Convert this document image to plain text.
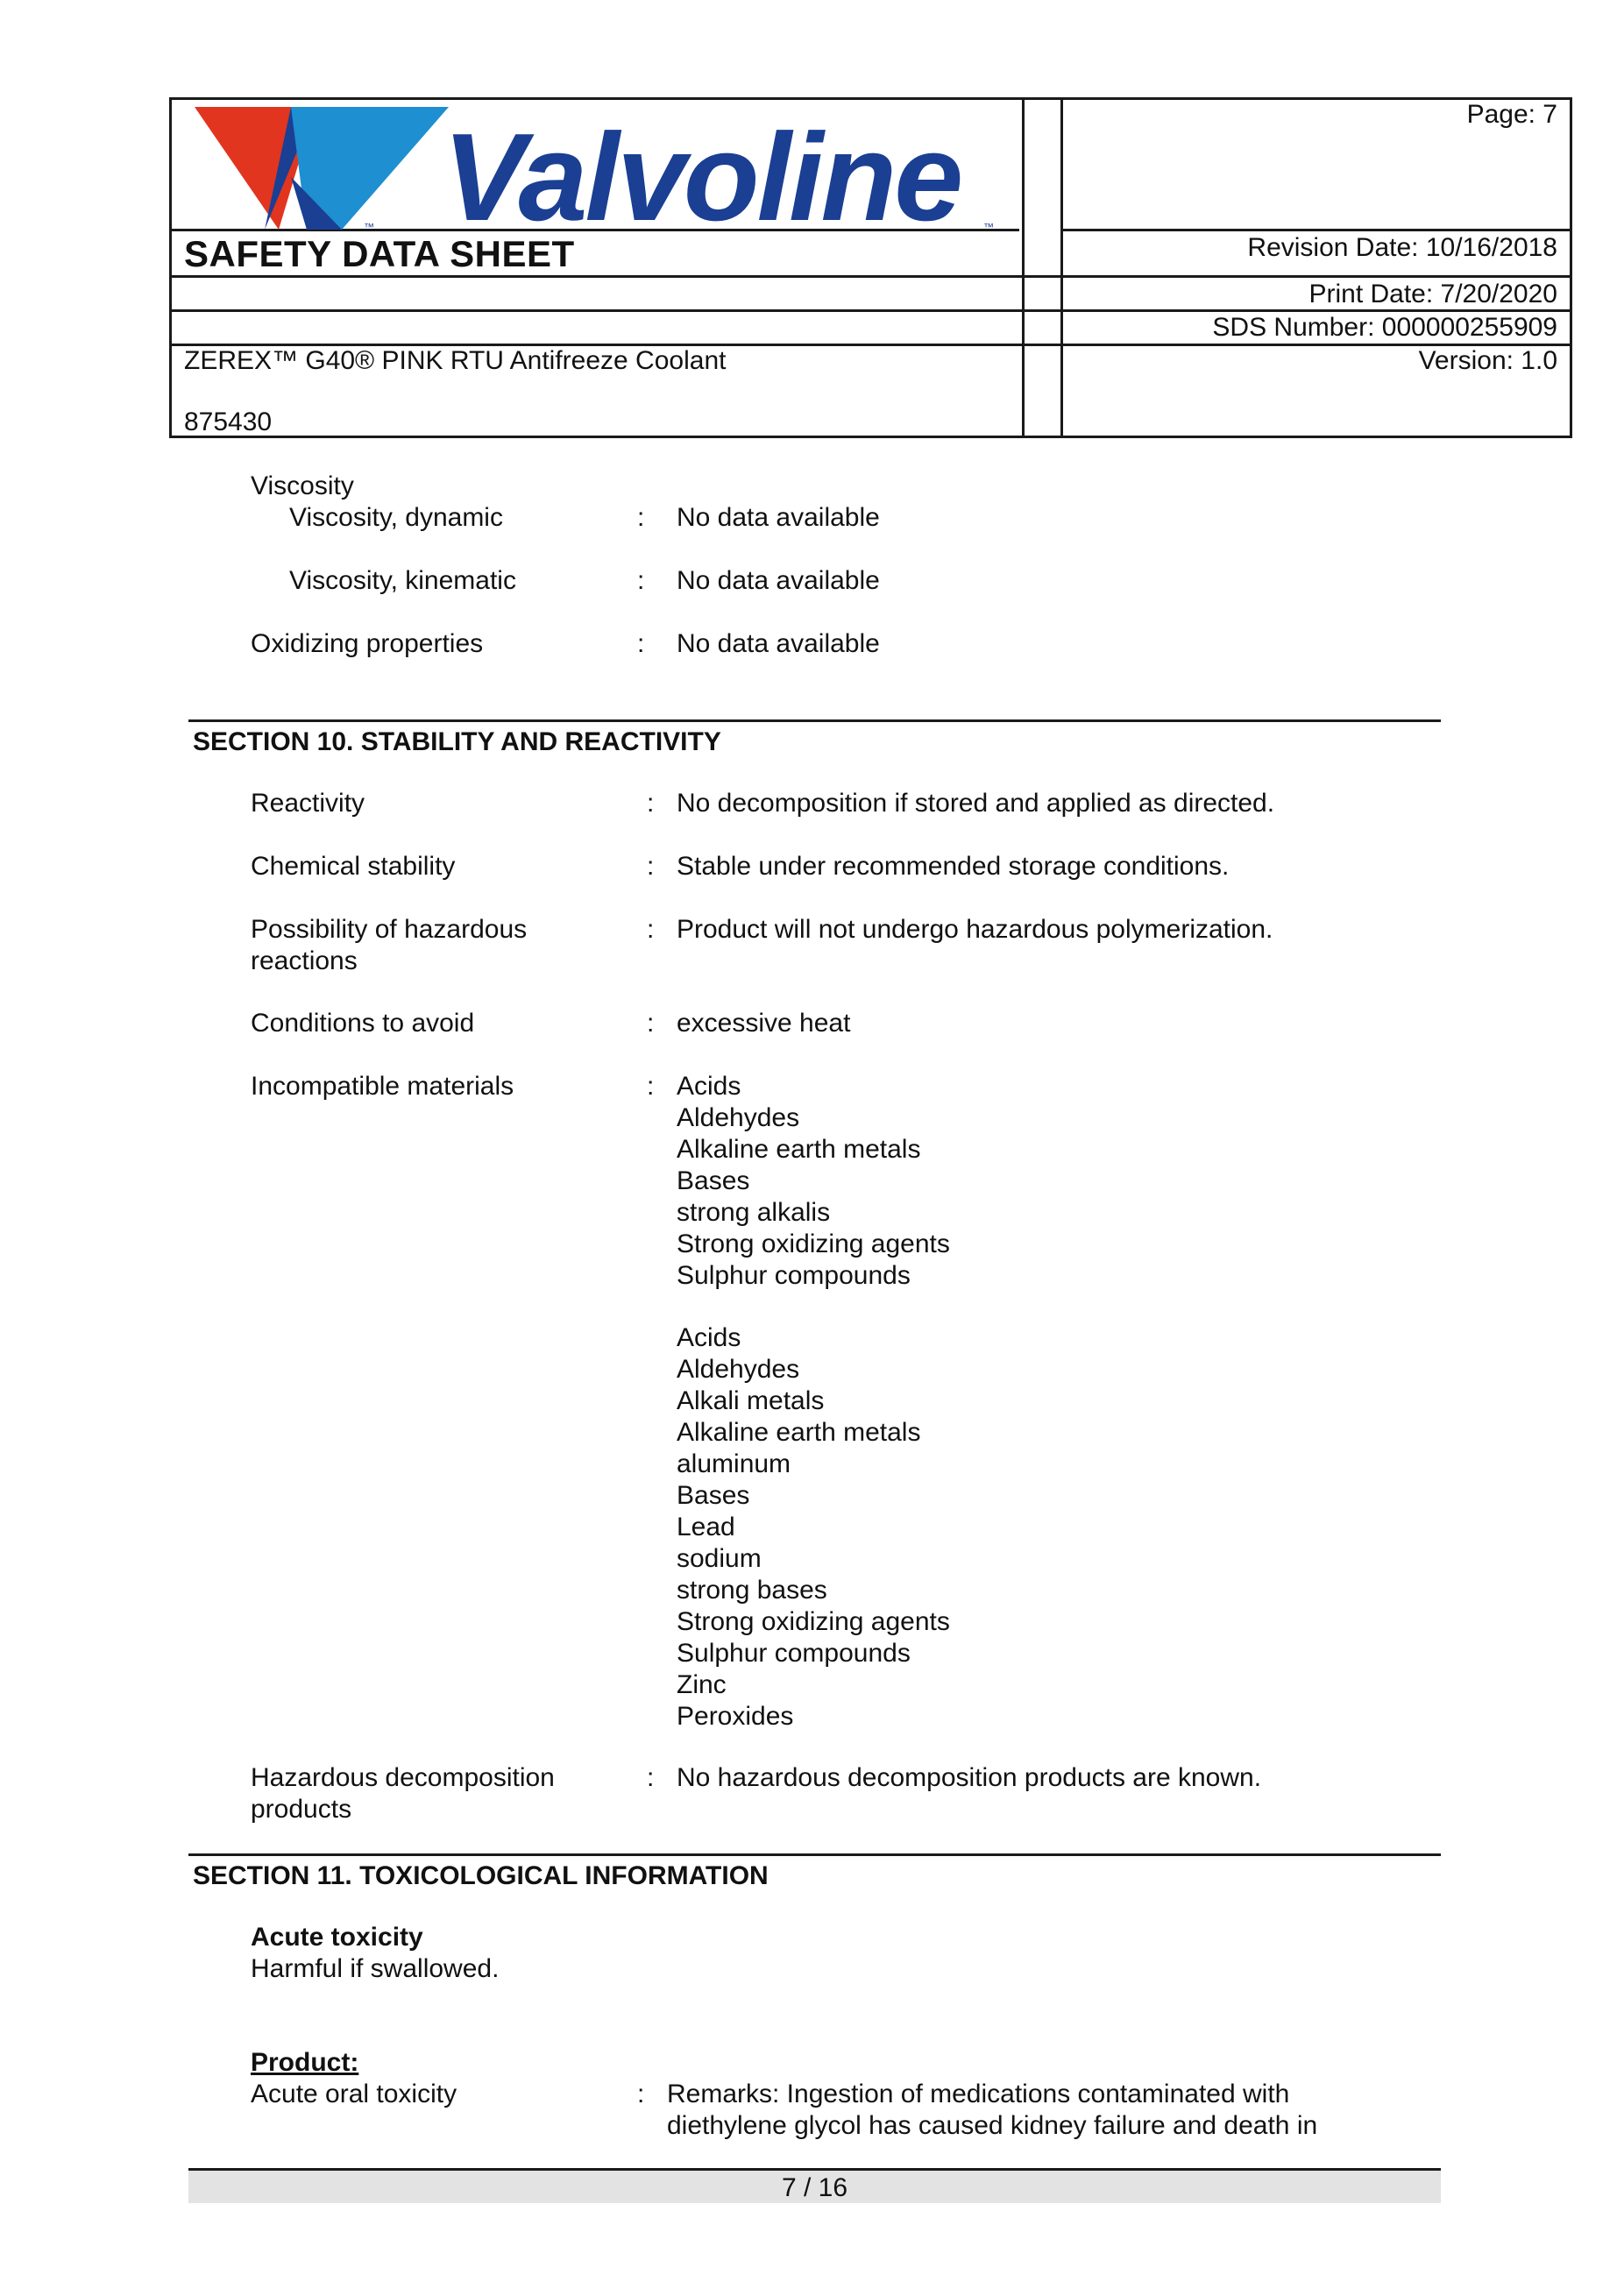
Valvoline ™
™
SAFETY DATA SHEET
Page: 7
Revision Date: 10/16/2018
Print Date: 7/20/2020
SDS Number: 000000255909
Version: 1.0
ZEREX™ G40® PINK RTU Antifreeze Coolant
875430
Viscosity
Viscosity, dynamic	: No data available
Viscosity, kinematic	: No data available
Oxidizing properties	: No data available
SECTION 10. STABILITY AND REACTIVITY
Reactivity	: No decomposition if stored and applied as directed.
Chemical stability	: Stable under recommended storage conditions.
Possibility of hazardous
reactions
: Product will not undergo hazardous polymerization.
Conditions to avoid	: excessive heat
Incompatible materials	: Acids
Aldehydes
Alkaline earth metals
Bases
strong alkalis
Strong oxidizing agents
Sulphur compounds
Acids
Aldehydes
Alkali metals
Alkaline earth metals
aluminum
Bases
Lead
sodium
strong bases
Strong oxidizing agents
Sulphur compounds
Zinc
Peroxides
Hazardous decomposition
products
: No hazardous decomposition products are known.
SECTION 11. TOXICOLOGICAL INFORMATION
Acute toxicity
Harmful if swallowed.
Product:
Acute oral toxicity	: Remarks: Ingestion of medications contaminated with
diethylene glycol has caused kidney failure and death in
7 / 16
